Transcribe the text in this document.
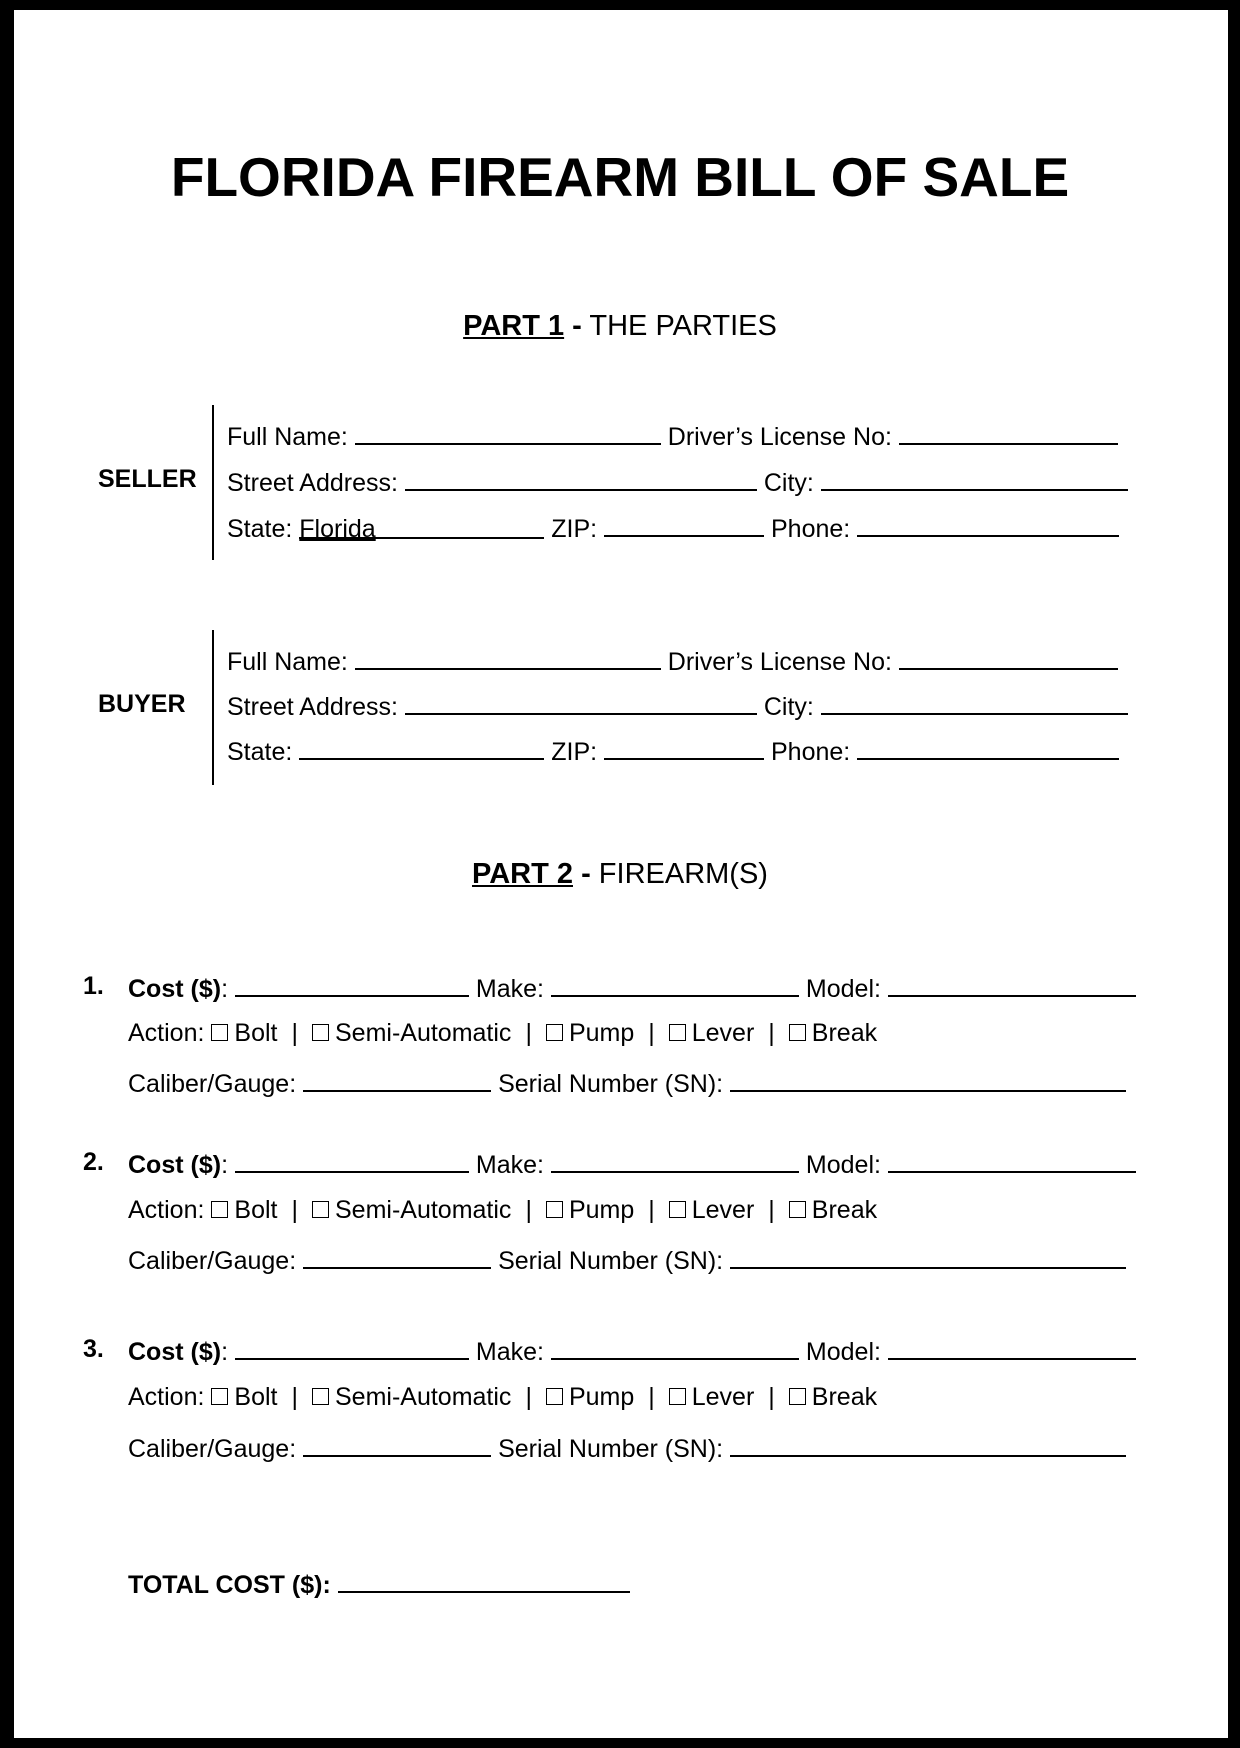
FLORIDA FIREARM BILL OF SALE
PART 1 - THE PARTIES
SELLER
Full Name:	Driver’s License No:
Street Address:	City:
State: Florida	ZIP:	Phone:
BUYER
Full Name:	Driver’s License No:
Street Address:	City:
State:	ZIP:	Phone:
PART 2 - FIREARM(S)
1. Cost ($):	Make:	Model:
Action: Bolt | Semi-Automatic | Pump | Lever | Break
Caliber/Gauge:	Serial Number (SN):
2. Cost ($):	Make:	Model:
Action: Bolt | Semi-Automatic | Pump | Lever | Break
Caliber/Gauge:	Serial Number (SN):
3. Cost ($):	Make:	Model:
Action: Bolt | Semi-Automatic | Pump | Lever | Break
Caliber/Gauge:	Serial Number (SN):
TOTAL COST ($):
